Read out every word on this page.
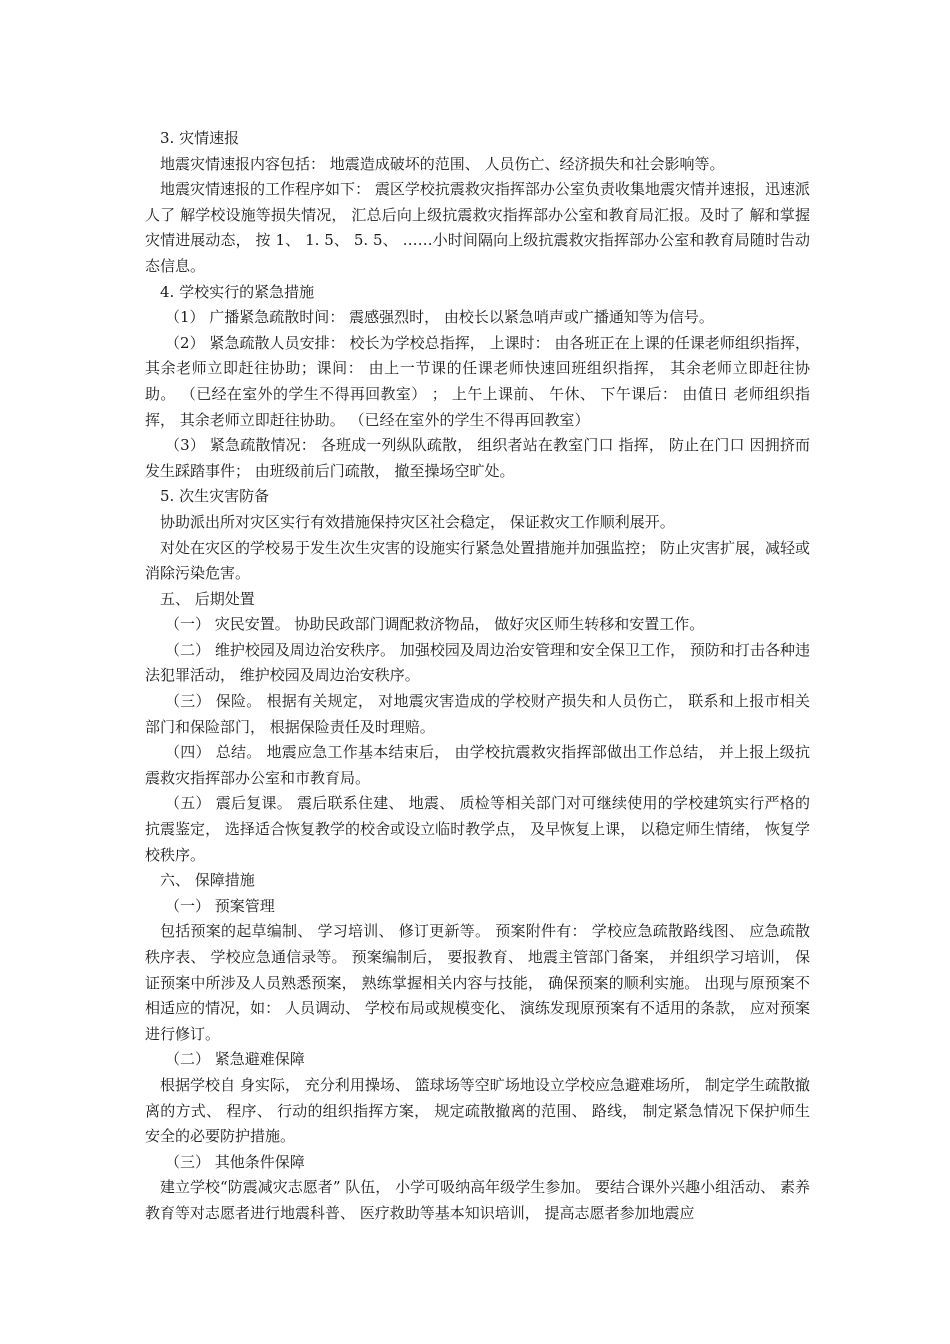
3. 灾情速报

地震灾情速报内容包括： 地震造成破坏的范围、 人员伤亡、经济损失和社会影响等。

地震灾情速报的工作程序如下： 震区学校抗震救灾指挥部办公室负责收集地震灾情并速报，迅速派人了 解学校设施等损失情况， 汇总后向上级抗震救灾指挥部办公室和教育局汇报。及时了 解和掌握灾情进展动态， 按 1、 1. 5、 5. 5、 ……小时间隔向上级抗震救灾指挥部办公室和教育局随时告动态信息。

4. 学校实行的紧急措施

（1） 广播紧急疏散时间： 震感强烈时， 由校长以紧急哨声或广播通知等为信号。

（2） 紧急疏散人员安排： 校长为学校总指挥， 上课时： 由各班正在上课的任课老师组织指挥， 其余老师立即赶往协助；课间： 由上一节课的任课老师快速回班组织指挥， 其余老师立即赶往协助。 （已经在室外的学生不得再回教室） ； 上午上课前、 午休、 下午课后： 由值日 老师组织指挥， 其余老师立即赶往协助。 （已经在室外的学生不得再回教室）

（3） 紧急疏散情况： 各班成一列纵队疏散， 组织者站在教室门口 指挥， 防止在门口 因拥挤而发生踩踏事件； 由班级前后门疏散， 撤至操场空旷处。

5. 次生灾害防备

协助派出所对灾区实行有效措施保持灾区社会稳定， 保证救灾工作顺利展开。

对处在灾区的学校易于发生次生灾害的设施实行紧急处置措施并加强监控； 防止灾害扩展，减轻或消除污染危害。

五、 后期处置

（一） 灾民安置。 协助民政部门调配救济物品， 做好灾区师生转移和安置工作。

（二） 维护校园及周边治安秩序。 加强校园及周边治安管理和安全保卫工作， 预防和打击各种违法犯罪活动， 维护校园及周边治安秩序。

（三） 保险。 根据有关规定， 对地震灾害造成的学校财产损失和人员伤亡， 联系和上报市相关部门和保险部门， 根据保险责任及时理赔。

（四） 总结。 地震应急工作基本结束后， 由学校抗震救灾指挥部做出工作总结， 并上报上级抗震救灾指挥部办公室和市教育局。

（五） 震后复课。 震后联系住建、 地震、 质检等相关部门对可继续使用的学校建筑实行严格的抗震鉴定， 选择适合恢复教学的校舍或设立临时教学点， 及早恢复上课， 以稳定师生情绪， 恢复学校秩序。

六、 保障措施

（一） 预案管理

包括预案的起草编制、 学习培训、 修订更新等。 预案附件有： 学校应急疏散路线图、 应急疏散秩序表、 学校应急通信录等。 预案编制后， 要报教育、 地震主管部门备案， 并组织学习培训， 保证预案中所涉及人员熟悉预案， 熟练掌握相关内容与技能， 确保预案的顺利实施。 出现与原预案不相适应的情况，如： 人员调动、 学校布局或规模变化、 演练发现原预案有不适用的条款， 应对预案进行修订。

（二） 紧急避难保障

根据学校自 身实际， 充分利用操场、 篮球场等空旷场地设立学校应急避难场所， 制定学生疏散撤离的方式、 程序、 行动的组织指挥方案， 规定疏散撤离的范围、 路线， 制定紧急情况下保护师生安全的必要防护措施。

（三） 其他条件保障

建立学校“防震减灾志愿者” 队伍， 小学可吸纳高年级学生参加。 要结合课外兴趣小组活动、 素养教育等对志愿者进行地震科普、 医疗救助等基本知识培训， 提高志愿者参加地震应
